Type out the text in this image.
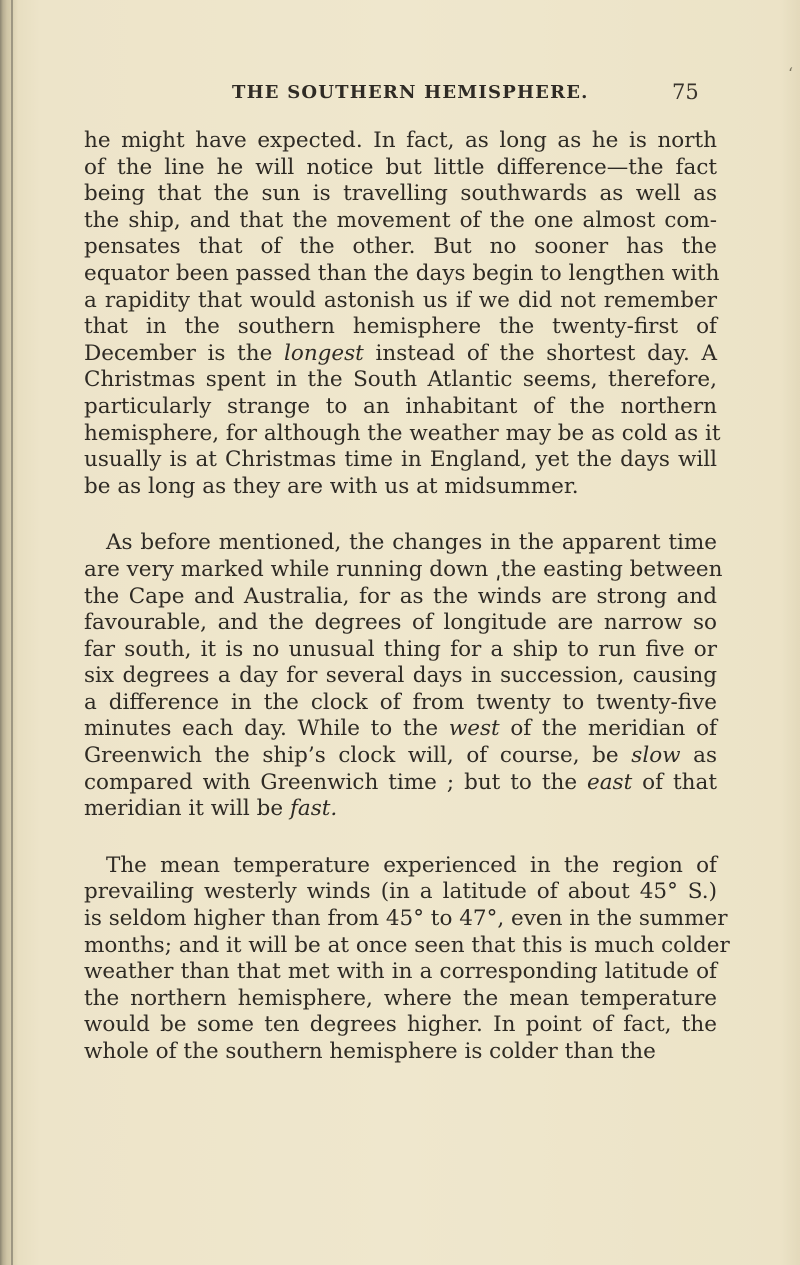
THE SOUTHERN HEMISPHERE.	75
‘

he might have expected. In fact, as long as he is north
of the line he will notice but little difference—the fact
being that the sun is travelling southwards as well as
the ship, and that the movement of the one almost com-
pensates that of the other. But no sooner has the
equator been passed than the days begin to lengthen with
a rapidity that would astonish us if we did not remember
that in the southern hemisphere the twenty-first of
December is the longest instead of the shortest day. A
Christmas spent in the South Atlantic seems, therefore,
particularly strange to an inhabitant of the northern
hemisphere, for although the weather may be as cold as it
usually is at Christmas time in England, yet the days will
be as long as they are with us at midsummer.

As before mentioned, the changes in the apparent time
are very marked while running down ͵the easting between
the Cape and Australia, for as the winds are strong and
favourable, and the degrees of longitude are narrow so
far south, it is no unusual thing for a ship to run five or
six degrees a day for several days in succession, causing
a difference in the clock of from twenty to twenty-five
minutes each day. While to the west of the meridian of
Greenwich the ship’s clock will, of course, be slow as
compared with Greenwich time ; but to the east of that
meridian it will be fast.

The mean temperature experienced in the region of
prevailing westerly winds (in a latitude of about 45° S.)
is seldom higher than from 45° to 47°, even in the summer
months; and it will be at once seen that this is much colder
weather than that met with in a corresponding latitude of
the northern hemisphere, where the mean temperature
would be some ten degrees higher. In point of fact, the
whole of the southern hemisphere is colder than the
